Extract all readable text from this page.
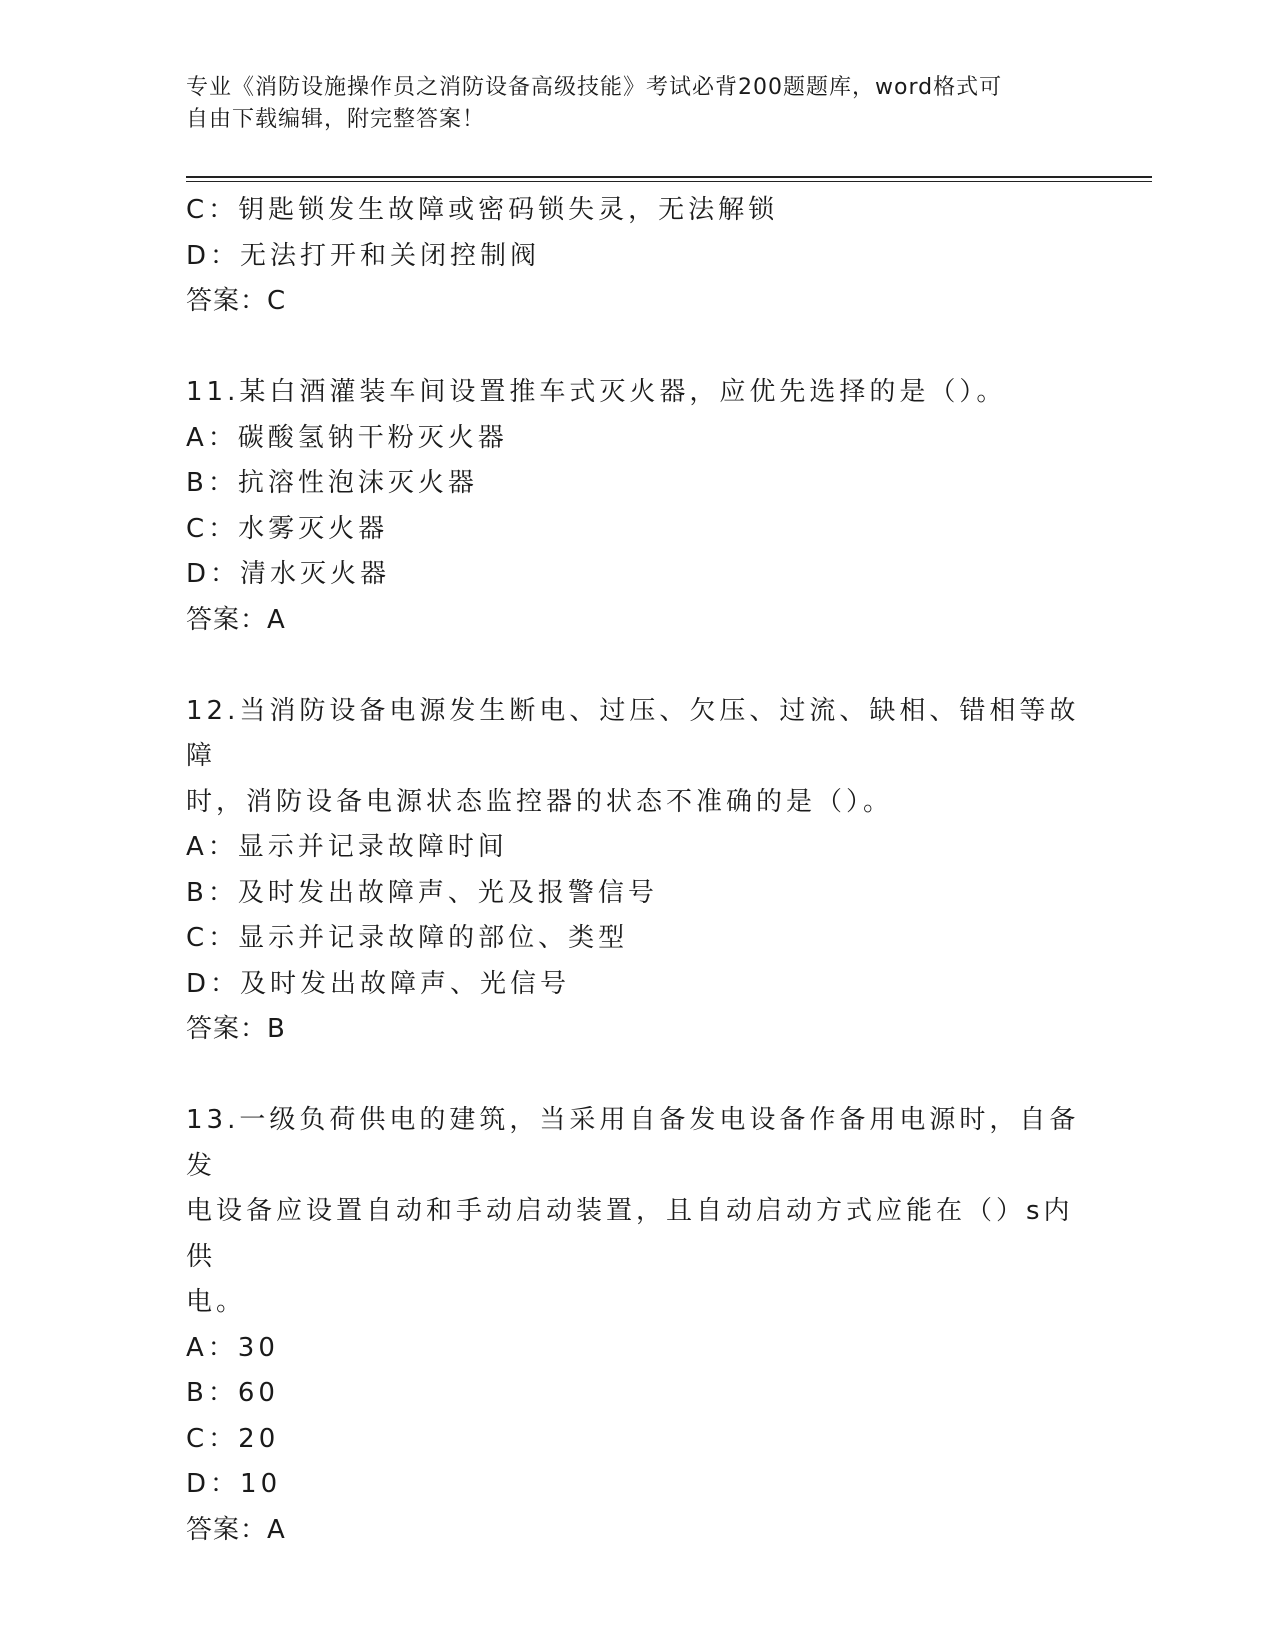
专业《消防设施操作员之消防设备高级技能》考试必背200题题库，word格式可
自由下载编辑，附完整答案！
C：钥匙锁发生故障或密码锁失灵，无法解锁
D：无法打开和关闭控制阀
答案：C
11.某白酒灌装车间设置推车式灭火器，应优先选择的是（）。
A：碳酸氢钠干粉灭火器
B：抗溶性泡沫灭火器
C：水雾灭火器
D：清水灭火器
答案：A
12.当消防设备电源发生断电、过压、欠压、过流、缺相、错相等故障
时，消防设备电源状态监控器的状态不准确的是（）。
A：显示并记录故障时间
B：及时发出故障声、光及报警信号
C：显示并记录故障的部位、类型
D：及时发出故障声、光信号
答案：B
13.一级负荷供电的建筑，当采用自备发电设备作备用电源时，自备发
电设备应设置自动和手动启动装置，且自动启动方式应能在（）s内供
电。
A：30
B：60
C：20
D：10
答案：A
